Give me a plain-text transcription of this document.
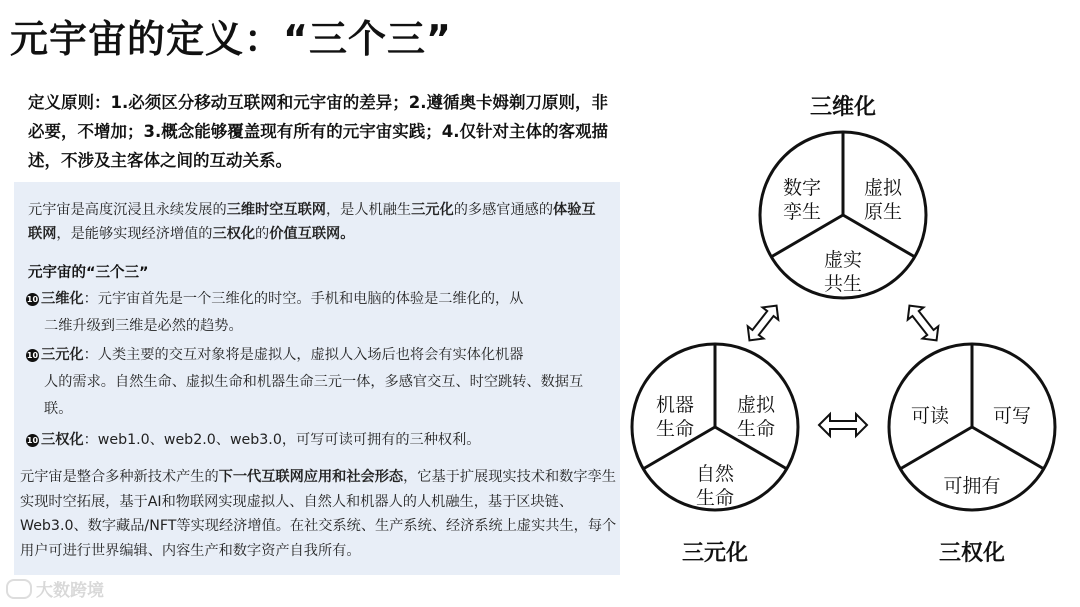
元宇宙的定义：“三个三”
定义原则：1.必须区分移动互联网和元宇宙的差异；2.遵循奥卡姆剃刀原则，非必要，不增加；3.概念能够覆盖现有所有的元宇宙实践；4.仅针对主体的客观描述，不涉及主客体之间的互动关系。
元宇宙是高度沉浸且永续发展的三维时空互联网，是人机融生三元化的多感官通感的体验互联网，是能够实现经济增值的三权化的价值互联网。
元宇宙的“三个三”
10 三维化：元宇宙首先是一个三维化的时空。手机和电脑的体验是二维化的，从
二维升级到三维是必然的趋势。
10 三元化：人类主要的交互对象将是虚拟人，虚拟人入场后也将会有实体化机器
人的需求。自然生命、虚拟生命和机器生命三元一体，多感官交互、时空跳转、数据互联。
10 三权化：web1.0、web2.0、web3.0，可写可读可拥有的三种权利。
元宇宙是整合多种新技术产生的下一代互联网应用和社会形态，它基于扩展现实技术和数字孪生实现时空拓展，基于AI和物联网实现虚拟人、自然人和机器人的人机融生，基于区块链、Web3.0、数字藏品/NFT等实现经济增值。在社交系统、生产系统、经济系统上虚实共生，每个用户可进行世界编辑、内容生产和数字资产自我所有。
大数跨境
三维化
数字
孪生
虚拟
原生
虚实
共生
机器
生命
虚拟
生命
自然
生命
三元化
可读 可写
可拥有
三权化
